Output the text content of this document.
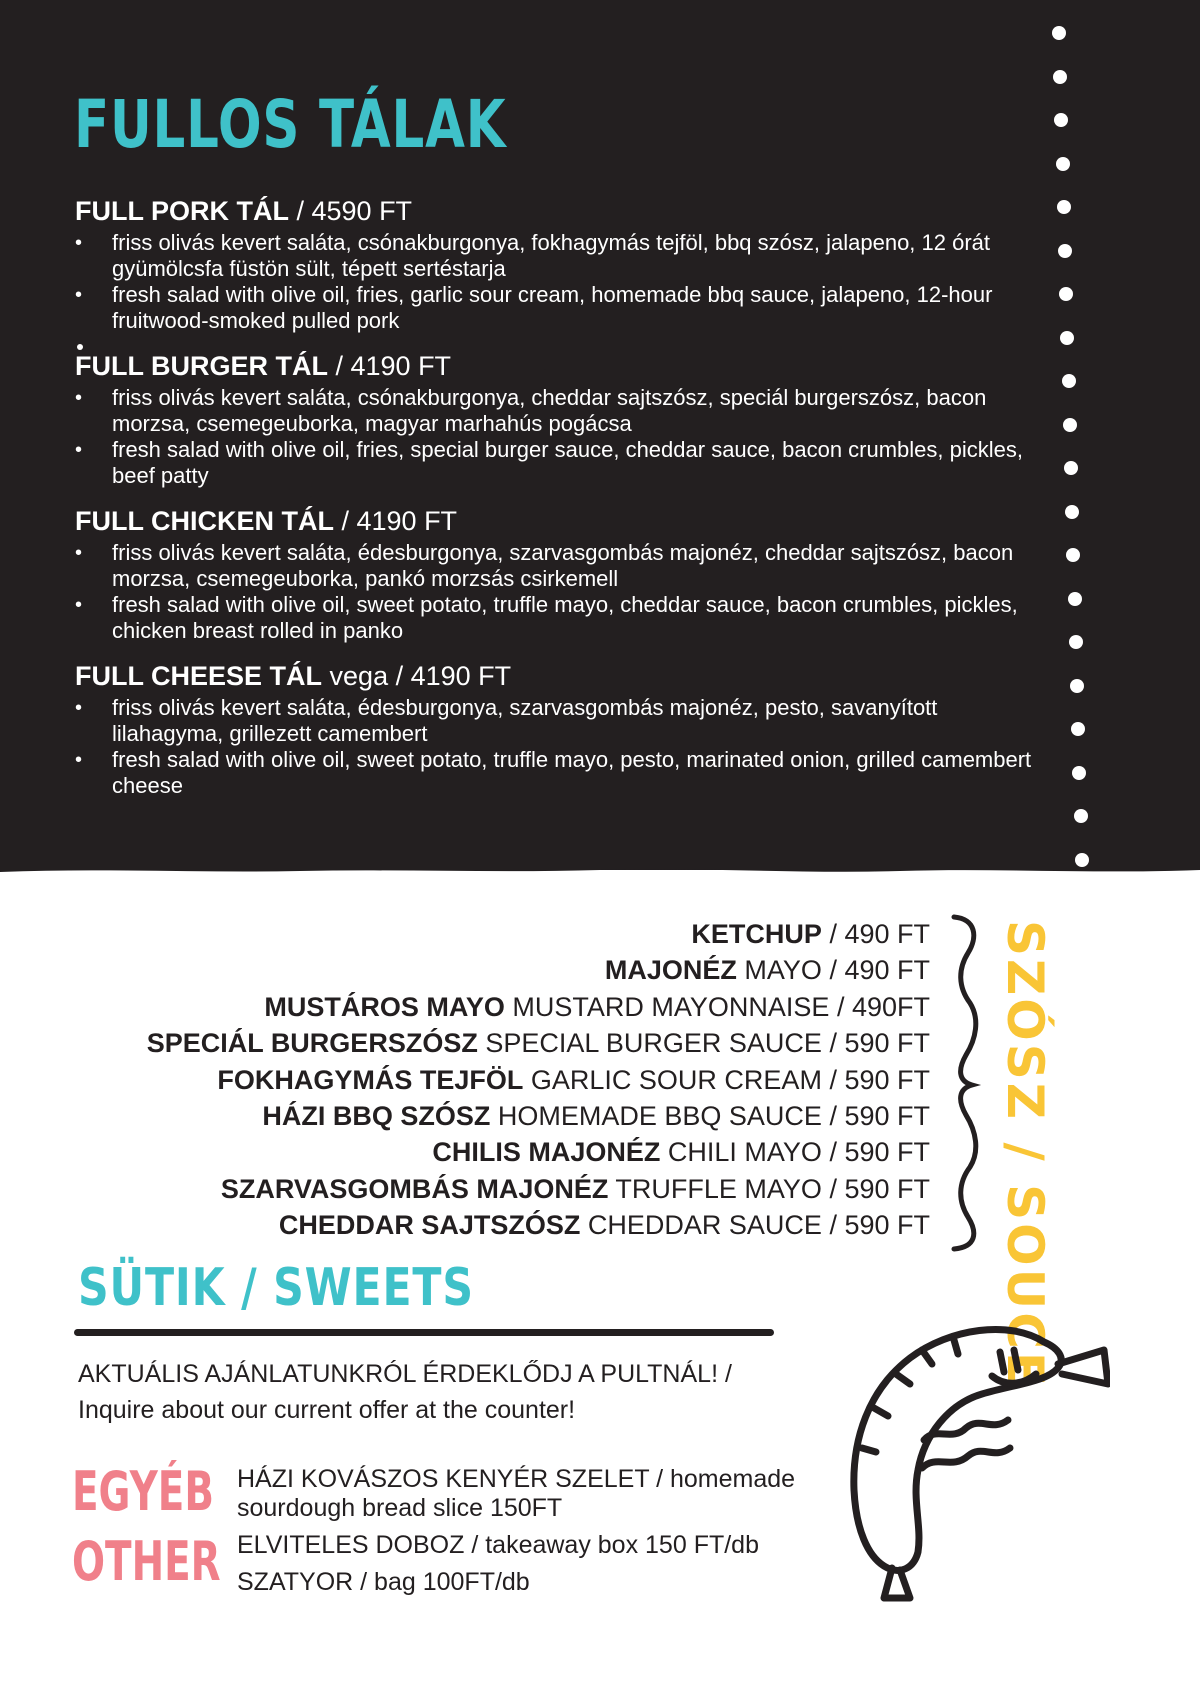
FULLOS TÁLAK
FULL PORK TÁL / 4590 FT
• friss olivás kevert saláta, csónakburgonya, fokhagymás tejföl, bbq szósz, jalapeno, 12 órát gyümölcsfa füstön sült, tépett sertéstarja
• fresh salad with olive oil, fries, garlic sour cream, homemade bbq sauce, jalapeno, 12-hour fruitwood-smoked pulled pork
FULL BURGER TÁL / 4190 FT
• friss olivás kevert saláta, csónakburgonya, cheddar sajtszósz, speciál burgerszósz, bacon morzsa, csemegeuborka, magyar marhahús pogácsa
• fresh salad with olive oil, fries, special burger sauce, cheddar sauce, bacon crumbles, pickles, beef patty
FULL CHICKEN TÁL / 4190 FT
• friss olivás kevert saláta, édesburgonya, szarvasgombás majonéz, cheddar sajtszósz, bacon morzsa, csemegeuborka, pankó morzsás csirkemell
• fresh salad with olive oil, sweet potato, truffle mayo, cheddar sauce, bacon crumbles, pickles, chicken breast rolled in panko
FULL CHEESE TÁL vega / 4190 FT
• friss olivás kevert saláta, édesburgonya, szarvasgombás majonéz, pesto, savanyított lilahagyma, grillezett camembert
• fresh salad with olive oil, sweet potato, truffle mayo, pesto, marinated onion, grilled camembert cheese
KETCHUP / 490 FT
MAJONÉZ MAYO / 490 FT
MUSTÁROS MAYO MUSTARD MAYONNAISE / 490FT
SPECIÁL BURGERSZÓSZ SPECIAL BURGER SAUCE / 590 FT
FOKHAGYMÁS TEJFÖL GARLIC SOUR CREAM / 590 FT
HÁZI BBQ SZÓSZ HOMEMADE BBQ SAUCE / 590 FT
CHILIS MAJONÉZ CHILI MAYO / 590 FT
SZARVASGOMBÁS MAJONÉZ TRUFFLE MAYO / 590 FT
CHEDDAR SAJTSZÓSZ CHEDDAR SAUCE / 590 FT SZÓSZ / SOUCE
SÜTIK / SWEETS
AKTUÁLIS AJÁNLATUNKRÓL ÉRDEKLŐDJ A PULTNÁL! /
Inquire about our current offer at the counter!
EGYÉB
OTHER
HÁZI KOVÁSZOS KENYÉR SZELET / homemade sourdough bread slice 150FT
ELVITELES DOBOZ / takeaway box 150 FT/db
SZATYOR / bag 100FT/db
